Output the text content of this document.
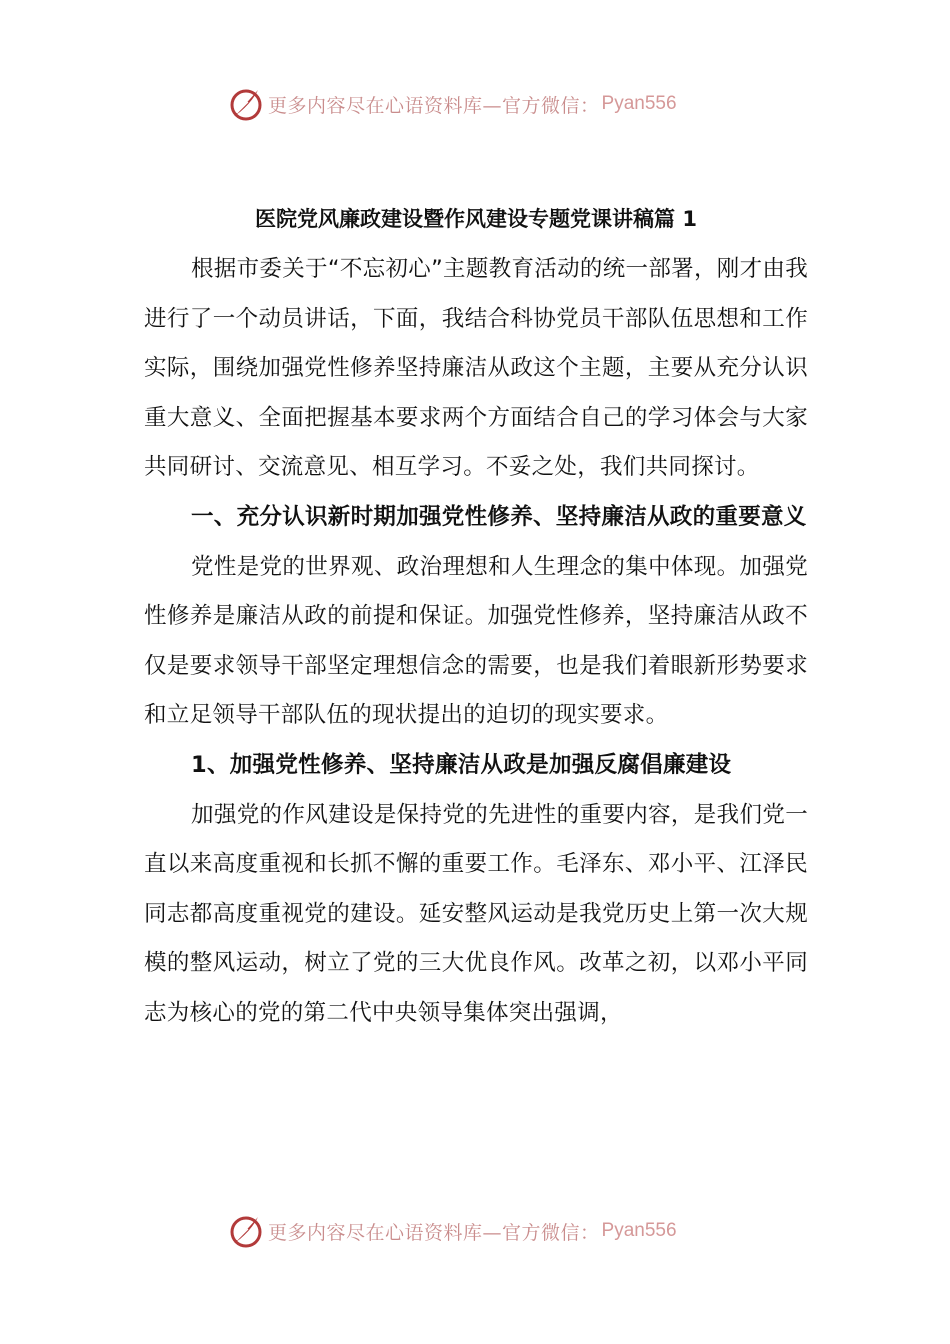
更多内容尽在心语资料库—官方微信： Pyan556
医院党风廉政建设暨作风建设专题党课讲稿篇 1

根据市委关于“不忘初心”主题教育活动的统一部署，刚才由我进行了一个动员讲话，下面，我结合科协党员干部队伍思想和工作实际，围绕加强党性修养坚持廉洁从政这个主题，主要从充分认识重大意义、全面把握基本要求两个方面结合自己的学习体会与大家共同研讨、交流意见、相互学习。不妥之处，我们共同探讨。

一、充分认识新时期加强党性修养、坚持廉洁从政的重要意义

党性是党的世界观、政治理想和人生理念的集中体现。加强党性修养是廉洁从政的前提和保证。加强党性修养，坚持廉洁从政不仅是要求领导干部坚定理想信念的需要，也是我们着眼新形势要求和立足领导干部队伍的现状提出的迫切的现实要求。

1、加强党性修养、坚持廉洁从政是加强反腐倡廉建设

加强党的作风建设是保持党的先进性的重要内容，是我们党一直以来高度重视和长抓不懈的重要工作。毛泽东、邓小平、江泽民同志都高度重视党的建设。延安整风运动是我党历史上第一次大规模的整风运动，树立了党的三大优良作风。改革之初，以邓小平同志为核心的党的第二代中央领导集体突出强调，

更多内容尽在心语资料库—官方微信： Pyan556
